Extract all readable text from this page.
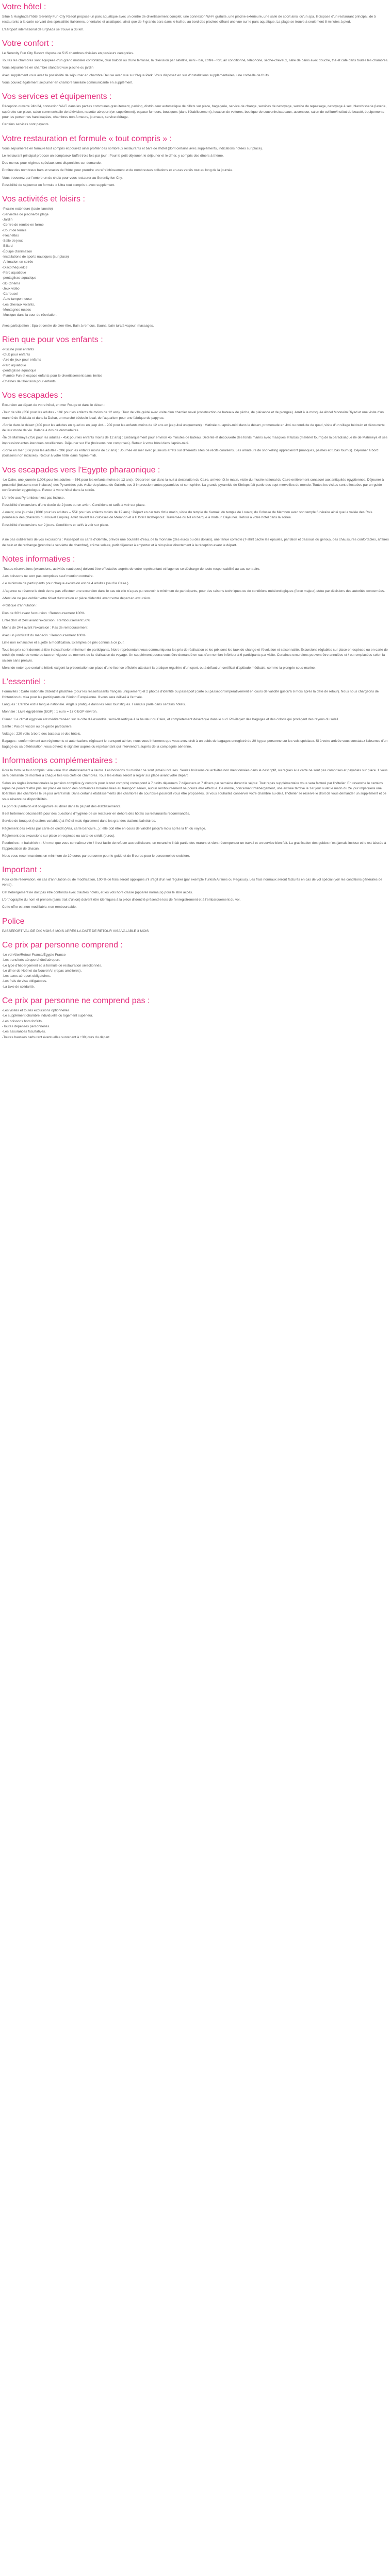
Votre hôtel :

Situé à Hurghada l'hôtel Serenity Fun City Resort propose un parc aquatique avec un centre de divertissement complet, une connexion Wi-Fi gratuite, une piscine extérieure, une salle de sport ainsi qu'un spa. Il dispose d'un restaurant principal, de 5 restaurants à la carte servant des spécialités italiennes, orientales et asiatiques, ainsi que de 4 grands bars dans le hall ou au bord des piscines offrant une vue sur le parc aquatique. La plage se trouve à seulement 8 minutes à pied.

L'aéroport international d'Hurghada se trouve à 36 km.

Votre confort :

Le Serenity Fun City Resort dispose de 515 chambres divisées en plusieurs catégories.

Toutes les chambres sont équipées d'un grand mobilier confortable, d'un balcon ou d'une terrasse, la télévision par satellite, mini - bar, coffre - fort, air conditionné, téléphone, sèche-cheveux, salle de bains avec douche, thé et café dans toutes les chambres.

Vous séjournerez en chambre standard vue piscine ou jardin

Avec supplément vous avez la possibilité de séjourner en chambre Deluxe avec vue sur l'Aqua Park. Vous disposez en sus d'installations supplémentaires, une corbeille de fruits.

Vous pouvez également séjourner en chambre familiale communicante en supplément.

Vos services et équipements :

Réception ouverte 24h/24, connexion Wi-Fi dans les parties communes gratuitement, parking, distributeur automatique de billets sur place, bagagerie, service de change, services de nettoyage, service de repassage, nettoyage à sec, blanchisserie (laverie, supérette sur place, salon commun/salle de télévision, navette aéroport (en supplément), espace fumeurs, boutiques (dans l'établissement), location de voitures, boutique de souvenirs/cadeaux, ascenseur, salon de coiffure/institut de beauté, équipements pour les personnes handicapées, chambres non-fumeurs, journaux, service d'étage.

Certains services sont payants.

Votre restauration et formule « tout compris » :

Vous séjournerez en formule tout compris et pourrez ainsi profiter des nombreux restaurants et bars de l'hôtel (dont certains avec suppléments, indications notées sur place).

Le restaurant principal propose un somptueux buffet trois fois par jour : Pour le petit déjeuner, le déjeuner et le dîner, y compris des dîners à thème.

Des menus pour régimes spéciaux sont disponibles sur demande.

Profitez des nombreux bars et snacks de l'hôtel pour prendre un rafraîchissement et de nombreuses collations et en-cas variés tout au long de la journée.

Vous trouverez par l'ombre un du choix pour vous restaurer au Serenity fun City.

Possibilité de séjourner en formule « Ultra tout compris » avec supplément.

Vos activités et loisirs :
-Piscine extérieure (toute l'année)
-Serviettes de piscine/de plage
-Jardin
-Centre de remise en forme
-Court de tennis
-Fléchettes
-Salle de jeux
-Billard
-Équipe d'animation
-Installations de sports nautiques (sur place)
-Animation en soirée
-Discothèque/DJ
-Parc aquatique
-pentaglisse aquatique
-3D Cinéma
-Jeux vidéo
-Carrousel
-Auto tamponneuse
-Les chevaux volants,
-Montagnes russes
-Musique dans la cour de récréation.

Avec participation : Spa et centre de bien-être, Bain à remous, Sauna, bain turc/à vapeur, massages.

Rien que pour vos enfants :
-Piscine pour enfants
-Club pour enfants
-Aire de jeux pour enfants
-Parc aquatique
-pentaglisse aquatique
-Planète Fun et espace enfants pour le divertissement sans limites
-Chaînes de télévision pour enfants
Vos escapades :

Excursion au départ de votre hôtel, en mer Rouge et dans le désert :

-Tour de ville (35€ pour les adultes - 10€ pour les enfants de moins de 12 ans) : Tour de ville guidé avec visite d'un chantier naval (construction de bateaux de pêche, de plaisance et de plongée). Arrêt à la mosquée Abdel Mooneim Riyad et une visite d'un marché de Sekkala et dans la Dahar, un marché bédouin local, de l'aquarium pour une fabrique de papyrus.

-Sortie dans le désert (40€ pour les adultes en quad ou en jeep 4x4 - 20€ pour les enfants moins de 12 ans en jeep 4x4 uniquement) : Matinée ou après-midi dans le désert, promenade en 4x4 ou conduite de quad, visite d'un village bédouin et découverte de leur mode de vie. Balade à dos de dromadaires.

-Île de Mahmeya (75€ pour les adultes - 45€ pour les enfants moins de 12 ans) : Embarquement pour environ 45 minutes de bateau. Détente et découverte des fonds marins avec masques et tubas (matériel fourni) de la paradisiaque île de Mahmeya et ses impressionnantes étendues coralliennes. Déjeuner sur l'île (boissons non comprises). Retour à votre hôtel dans l'après-midi.

-Sortie en mer (30€ pour les adultes - 20€ pour les enfants moins de 12 ans) : Journée en mer avec plusieurs arrêts sur différents sites de récifs coralliens. Les amateurs de snorkelling apprécieront (masques, palmes et tubas fournis). Déjeuner à bord (boissons non incluses). Retour à votre hôtel dans l'après-midi.

Vos escapades vers l'Egypte pharaonique :

-Le Caire, une journée (100€ pour les adultes -- 55€ pour les enfants moins de 12 ans) : Départ en car dans la nuit à destination du Caire, arrivée tôt le matin, visite du musée national du Caire entièrement consacré aux antiquités égyptiennes. Déjeuner à proximité (boissons non incluses) des Pyramides puis visite du plateau de Guizeh, ses 3 impressionnantes pyramides et son sphinx. La grande pyramide de Khéops fait partie des sept merveilles du monde. Toutes les visites sont effectuées par un guide conférencier égyptologue. Retour à votre hôtel dans la soirée.

L'entrée aux Pyramides n'est pas incluse.

Possibilité d'excursions d'une durée de 2 jours ou en avion. Conditions et tarifs à voir sur place.

-Louxor, une journée (100€ pour les adultes -- 55€ pour les enfants moins de 12 ans) : Départ en car très tôt le matin, visite du temple de Karnak, du temple de Louxor, du Colosse de Memnon avec son temple funéraire ainsi que la vallée des Rois (tombeaux des pharaons du Nouvel Empire). Arrêt devant les colosses de Memnon et à l'Hôtel Hatshepsout. Traversée du Nil en barque à moteur. Déjeuner. Retour à votre hôtel dans la soirée.

Possibilité d'excursions sur 2 jours. Conditions et tarifs à voir sur place.

A ne pas oublier lors de vos excursions : Passeport ou carte d'identité, prévoir une bouteille d'eau, de la monnaie (des euros ou des dollars), une tenue correcte (T-shirt cache les épaules, pantalon et dessous du genou), des chaussures confortables, affaires de bain et de rechange (prendre la serviette de chambre), crème solaire, petit déjeuner à emporter et à récupérer directement à la réception avant le départ.

Notes informatives :

-Toutes réservations (excursions, activités nautiques) doivent être effectuées auprès de votre représentant et l'agence se décharge de toute responsabilité au cas contraire.

-Les boissons ne sont pas comprises sauf mention contraire.

-Le minimum de participants pour chaque excursion est de 4 adultes (sauf le Caire.)

-L'agence se réserve le droit de ne pas effectuer une excursion dans le cas où elle n'a pas pu recevoir le minimum de participants, pour des raisons techniques ou de conditions météorologiques (force majeur) et/ou par décisions des autorités concernées.

-Merci de ne pas oublier votre ticket d'excursion et pièce d'identité avant votre départ en excursion.

-Politique d'annulation :

Plus de 36H avant l'excursion : Remboursement 100%

Entre 36H et 24H avant l'excursion : Remboursement 50%

Moins de 24H avant l'excursion : Pas de remboursement

Avec un justificatif du médecin : Remboursement 100%

Liste non exhaustive et sujette à modification. Exemples de prix connus à ce jour.

Tous les prix sont donnés à titre indicatif selon minimum de participants. Notre représentant vous communiquera les prix de réalisation et les prix sont les taux de change et l'évolution et saisonnalité. Excursions réglables sur place en espèces ou en carte de crédit (le mode de vente du taux en vigueur au moment de la réalisation du voyage. Un supplément pourra vous être demandé en cas d'un nombre inférieur à 6 participants par visite. Certaines excursions peuvent être annulées et / ou remplacées selon la saison sans préavis.

Merci de noter que certains hôtels exigent la présentation sur place d'une licence officielle attestant la pratique régulière d'un sport, ou à défaut un certificat d'aptitude médicale, comme la plongée sous-marine.

L'essentiel :

Formalités : Carte nationale d'identité plastifiée (pour les ressortissants français uniquement) et 2 photos d'identité ou passeport (carte ou passeport impérativement en cours de validité (jusqu'à 6 mois après la date de retour). Nous nous chargeons de l'obtention du visa pour les participants de l'Union Européenne. Il vous sera délivré à l'arrivée.

Langues : L'arabe est la langue nationale. Anglais pratiqué dans les lieux touristiques. Français parlé dans certains hôtels.

Monnaie : Livre égyptienne (EGP) : 1 euro = 17.0 EGP environ.

Climat : Le climat égyptien est méditerranéen sur la côte d'Alexandrie, semi-désertique à la hauteur du Caire, et complètement désertique dans le sud. Privilégiez des bagages et des coloris qui protègent des rayons du soleil.

Santé : Pas de vaccin ou de garde particuliers.

Voltage : 220 volts à bord des bateaux et des hôtels.

Bagages : conformément aux règlements et autorisations régissant le transport aérien, nous vous informons que vous avez droit à un poids de bagages enregistré de 20 kg par personne sur les vols spéciaux. Si à votre arrivée vous constatez l'absence d'un bagage ou sa détérioration, vous devrez le signaler auprès du représentant qui interviendra auprès de la compagnie aérienne.

Informations complémentaires :

Pour la formule tout compris : elle varie d'un établissement à l'autre. Les boissons du minibar ne sont jamais incluses. Seules boissons ou activités non mentionnées dans le descriptif, ou reçues à la carte ne sont pas comprises et payables sur place. Il vous sera demandé de montrer à chaque fois vos clefs de chambres. Tous les extras seront à régler sur place avant votre départ.

Selon les règles internationales la pension complète (y compris pour le tout compris) correspond à 7 petits déjeuners 7 déjeuners et 7 dîners par semaine durant le séjour. Tout repas supplémentaire vous sera facturé par l'hôtelier. En revanche le certains repas ne peuvent être pris sur place en raison des contraintes horaires liées au transport aérien, aucun remboursement ne pourra être effectué. De même, concernant l'hébergement, une arrivée tardive le 1er jour ou/et le matin du 2e jour impliquera une libération des chambres le 8e jour avant midi. Dans certains établissements des chambres de courtoisie pourront vous être proposées. Si vous souhaitez conserver votre chambre au-delà, l'hôtelier se réserve le droit de vous demander un supplément et ce sous réserve de disponibilités.

Le port du pantalon est obligatoire au dîner dans la plupart des établissements.

Il est fortement déconseillé pour des questions d'hygiène de se restaurer en dehors des hôtels ou restaurants recommandés.

Service de bouquet (horaires variables) à l'hôtel mais également dans les grandes stations balnéaires.

Règlement des extras par carte de crédit (Visa, carte bancaire...) : elle doit être en cours de validité jusqu'à mois après la fin du voyage.

Règlement des excursions sur place en espèces ou carte de crédit (euros).

Pourboires : « bakchich » : Un mot que vous connaîtrez vite ! Il est facile de refuser aux solliciteurs, en revanche il fait partie des mœurs et vient récompenser un travail et un service bien fait. La gratification des guides n'est jamais incluse et le est laissée à l'appréciation de chacun.

Nous vous recommandons un minimum de 10 euros par personne pour le guide et de 5 euros pour le personnel de croisière.

Important :

Pour cette réservation, en cas d'annulation ou de modification, 100 % de frais seront appliqués s'il s'agit d'un vol régulier (par exemple Turkish Airlines ou Pegasus). Les frais normaux seront facturés en cas de vol spécial (voir les conditions générales de vente).

Cet hébergement ne doit pas être confondu avec d'autres hôtels, et les vols hors classe (appareil normaux) pour le libre accès.

L'orthographe du nom et prénom (sans trait d'union) doivent être identiques à la pièce d'identité présentée lors de l'enregistrement et à l'embarquement du vol.

Cette offre est non modifiable, non remboursable.

Police

PASSEPORT VALIDE DIX MOIS 6 MOIS APRÈS LA DATE DE RETOUR VISA VALABLE 3 MOIS

Ce prix par personne comprend :
-Le vol Aller/Retour France/Égypte France
-Les transferts aéroport/hôtel/aéroport.
-Le type d'hébergement et la formule de restauration sélectionnés.
-Le dîner de Noël et du Nouvel An (repas améliorés).
-Les taxes aéroport obligatoires.
-Les frais de visa obligatoires.
-La taxe de solidarité.
Ce prix par personne ne comprend pas :
-Les visites et toutes excursions optionnelles.
-Le supplément chambre individuelle ou logement supérieur.
-Les boissons hors forfaits.
-Toutes dépenses personnelles.
-Les assurances facultatives.
-Toutes hausses carburant éventuelles survenant à +30 jours du départ
